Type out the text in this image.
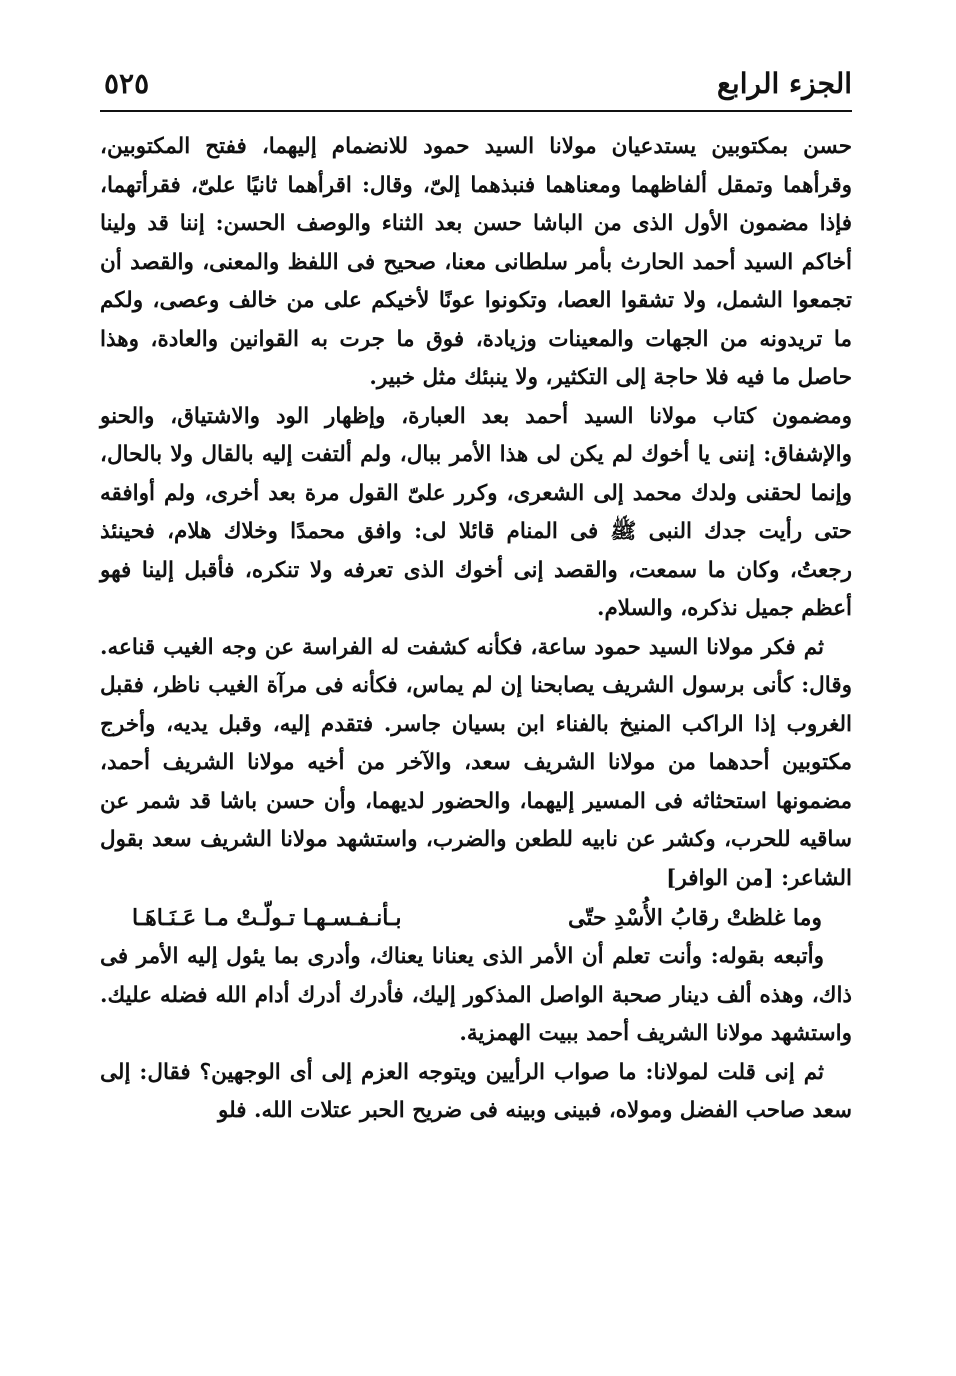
الجزء الرابع
٥٢٥

حسن بمكتوبين يستدعيان مولانا السيد حمود للانضمام إليهما، ففتح المكتوبين، وقرأهما وتمقل ألفاظهما ومعناهما فنبذهما إلىّ، وقال: اقرأهما ثانيًا علىّ، فقرأتهما، فإذا مضمون الأول الذى من الباشا حسن بعد الثناء والوصف الحسن: إننا قد ولينا أخاكم السيد أحمد الحارث بأمر سلطانى معنا، صحيح فى اللفظ والمعنى، والقصد أن تجمعوا الشمل، ولا تشقوا العصا، وتكونوا عونًا لأخيكم على من خالف وعصى، ولكم ما تريدونه من الجهات والمعينات وزيادة، فوق ما جرت به القوانين والعادة، وهذا حاصل ما فيه فلا حاجة إلى التكثير، ولا ينبئك مثل خبير.

ومضمون كتاب مولانا السيد أحمد بعد العبارة، وإظهار الود والاشتياق، والحنو والإشفاق: إننى يا أخوك لم يكن لى هذا الأمر ببال، ولم ألتفت إليه بالقال ولا بالحال، وإنما لحقنى ولدك محمد إلى الشعرى، وكرر علىّ القول مرة بعد أخرى، ولم أوافقه حتى رأيت جدك النبى ﷺ فى المنام قائلا لى: وافق محمدًا وخلاك هلام، فحينئذ رجعتُ، وكان ما سمعت، والقصد إنى أخوك الذى تعرفه ولا تنكره، فأقبل إلينا فهو أعظم جميل نذكره، والسلام.

ثم فكر مولانا السيد حمود ساعة، فكأنه كشفت له الفراسة عن وجه الغيب قناعه. وقال: كأنى برسول الشريف يصابحنا إن لم يماس، فكأنه فى مرآة الغيب ناظر، فقبل الغروب إذا الراكب المنيخ بالفناء ابن بسيان جاسر. فتقدم إليه، وقبل يديه، وأخرج مكتوبين أحدهما من مولانا الشريف سعد، والآخر من أخيه مولانا الشريف أحمد، مضمونها استحثاثه فى المسير إليهما، والحضور لديهما، وأن حسن باشا قد شمر عن ساقيه للحرب، وكشر عن نابيه للطعن والضرب، واستشهد مولانا الشريف سعد بقول الشاعر: [من الوافر]

وما غلظتْ رقابُ الأُسْدِ حتّى
بـأنـفـسـهـا تـولّـتْ مـا عَـنَـاهَـا

وأتبعه بقوله: وأنت تعلم أن الأمر الذى يعنانا يعناك، وأدرى بما يئول إليه الأمر فى ذاك، وهذه ألف دينار صحبة الواصل المذكور إليك، فأدرك أدرك أدام الله فضله عليك. واستشهد مولانا الشريف أحمد ببيت الهمزية.

ثم إنى قلت لمولانا: ما صواب الرأيين ويتوجه العزم إلى أى الوجهين؟ فقال: إلى سعد صاحب الفضل ومولاه، فبينى وبينه فى ضريح الحبر عتلات الله. فلو
